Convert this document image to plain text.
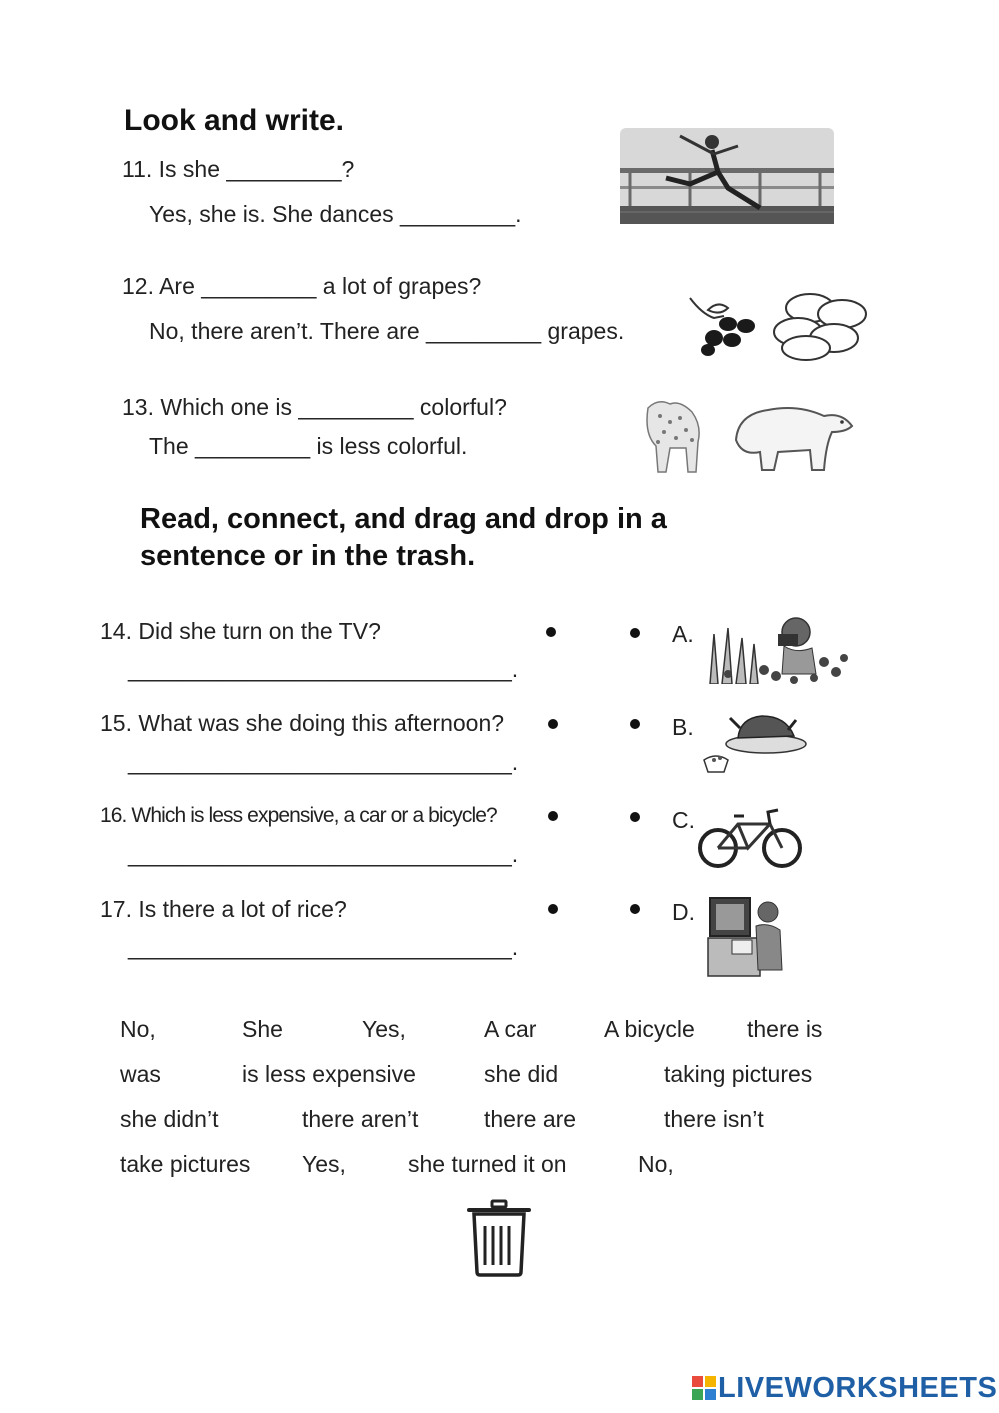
Look and write.
11. Is she _________?
Yes, she is. She dances _________.
12. Are _________ a lot of grapes?
No, there aren’t. There are _________ grapes.
13. Which one is _________ colorful?
The _________ is less colorful.
Read, connect, and drag and drop in a
sentence or in the trash.
14. Did she turn on the TV?
______________________________.
A.
15. What was she doing this afternoon?
______________________________.
B.
16. Which is less expensive, a car or a bicycle?
______________________________.
C.
17. Is there a lot of rice?
______________________________.
D.
No,	She	Yes,	A car	A bicycle there is
was	is less expensive	she did	taking pictures
she didn’t	there aren’t	there are	there isn’t
take pictures Yes,	she turned it on	No,
LIVEWORKSHEETS
